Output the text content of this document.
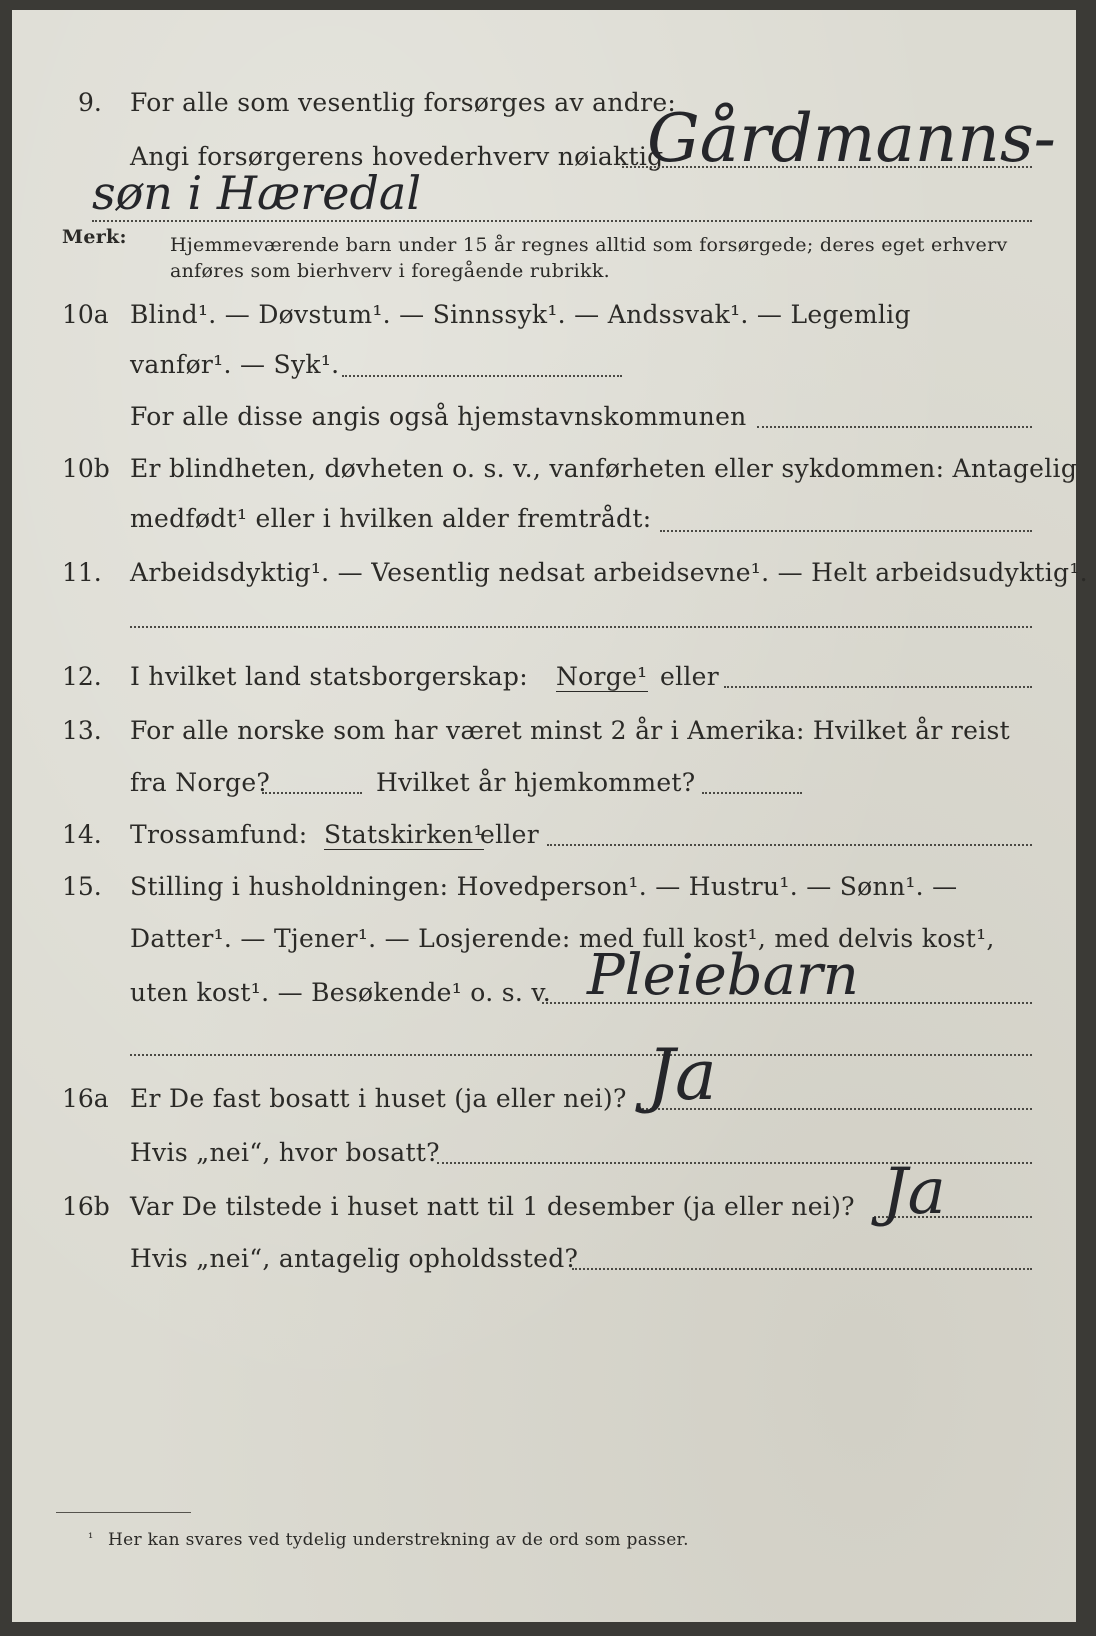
9. For alle som vesentlig forsørges av andre:
Angi forsørgerens hovederhverv nøiaktig
Gårdmanns-
søn i Hæredal
Merk: Hjemmeværende barn under 15 år regnes alltid som forsørgede; deres eget erhverv
anføres som bierhverv i foregående rubrikk.
10a Blind¹. — Døvstum¹. — Sinnssyk¹. — Andssvak¹. — Legemlig
vanfør¹. — Syk¹.
For alle disse angis også hjemstavnskommunen
10b Er blindheten, døvheten o. s. v., vanførheten eller sykdommen: Antagelig
medfødt¹ eller i hvilken alder fremtrådt:
11. Arbeidsdyktig¹. — Vesentlig nedsat arbeidsevne¹. — Helt arbeidsudyktig¹.
12. I hvilket land statsborgerskap: Norge¹ eller
13. For alle norske som har været minst 2 år i Amerika: Hvilket år reist
fra Norge?	Hvilket år hjemkommet?
14. Trossamfund: Statskirken¹
eller
15. Stilling i husholdningen: Hovedperson¹. — Hustru¹. — Sønn¹. —
Datter¹. — Tjener¹. — Losjerende: med full kost¹, med delvis kost¹,
uten kost¹. — Besøkende¹ o. s. v. Pleiebarn
16a Er De fast bosatt i huset (ja eller nei)? Ja
Hvis „nei“, hvor bosatt?
16b Var De tilstede i huset natt til 1 desember (ja eller nei)? Ja
Hvis „nei“, antagelig opholdssted?
¹ Her kan svares ved tydelig understrekning av de ord som passer.
